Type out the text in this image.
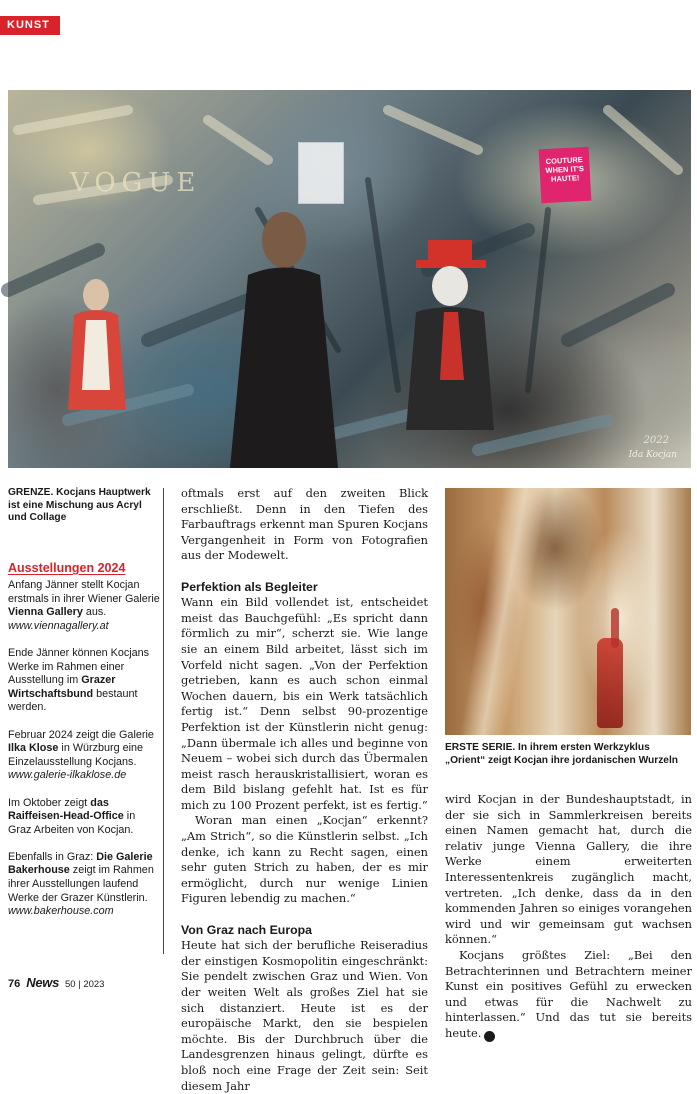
KUNST
VOGUE
COUTURE WHEN IT'S HAUTE!
2022
Ida Kocjan
GRENZE. Kocjans Hauptwerk ist eine Mischung aus Acryl und Collage
Ausstellungen 2024
Anfang Jänner stellt Kocjan erstmals in ihrer Wiener Galerie Vienna Gallery aus.
www.viennagallery.at
Ende Jänner können Kocjans Werke im Rahmen einer Ausstellung im Grazer Wirtschaftsbund bestaunt werden.
Februar 2024 zeigt die Galerie Ilka Klose in Würzburg eine Einzelausstellung Kocjans.
www.galerie-ilkaklose.de
Im Oktober zeigt das Raiffeisen-Head-Office in Graz Arbeiten von Kocjan.
Ebenfalls in Graz: Die Galerie Bakerhouse zeigt im Rahmen ihrer Ausstellungen laufend Werke der Grazer Künstlerin.
www.bakerhouse.com

oftmals erst auf den zweiten Blick erschließt. Denn in den Tiefen des Farbauftrags erkennt man Spuren Kocjans Vergangenheit in Form von Fotografien aus der Modewelt.

Perfektion als Begleiter

Wann ein Bild vollendet ist, entscheidet meist das Bauchgefühl: „Es spricht dann förmlich zu mir“, scherzt sie. Wie lange sie an einem Bild arbeitet, lässt sich im Vorfeld nicht sagen. „Von der Perfektion getrieben, kann es auch schon einmal Wochen dauern, bis ein Werk tatsächlich fertig ist.“ Denn selbst 90-prozentige Perfektion ist der Künstlerin nicht genug: „Dann übermale ich alles und beginne von Neuem – wobei sich durch das Übermalen meist rasch herauskristallisiert, woran es dem Bild bislang gefehlt hat. Ist es für mich zu 100 Prozent perfekt, ist es fertig.“

Woran man einen „Kocjan“ erkennt? „Am Strich“, so die Künstlerin selbst. „Ich denke, ich kann zu Recht sagen, einen sehr guten Strich zu haben, der es mir ermöglicht, durch nur wenige Linien Figuren lebendig zu machen.“

Von Graz nach Europa

Heute hat sich der berufliche Reiseradius der einstigen Kosmopolitin eingeschränkt: Sie pendelt zwischen Graz und Wien. Von der weiten Welt als großes Ziel hat sie sich distanziert. Heute ist es der europäische Markt, den sie bespielen möchte. Bis der Durchbruch über die Landesgrenzen hinaus gelingt, dürfte es bloß noch eine Frage der Zeit sein: Seit diesem Jahr

ERSTE SERIE. In ihrem ersten Werkzyklus „Orient“ zeigt Kocjan ihre jordanischen Wurzeln

wird Kocjan in der Bundeshauptstadt, in der sie sich in Sammlerkreisen bereits einen Namen gemacht hat, durch die relativ junge Vienna Gallery, die ihre Werke einem erweiterten Interessentenkreis zugänglich macht, vertreten. „Ich denke, dass da in den kommenden Jahren so einiges vorangehen wird und wir gemeinsam gut wachsen können.“

Kocjans größtes Ziel: „Bei den Betrachterinnen und Betrachtern meiner Kunst ein positives Gefühl zu erwecken und etwas für die Nachwelt zu hinterlassen.“ Und das tut sie bereits heute. N

76 News 50 | 2023
